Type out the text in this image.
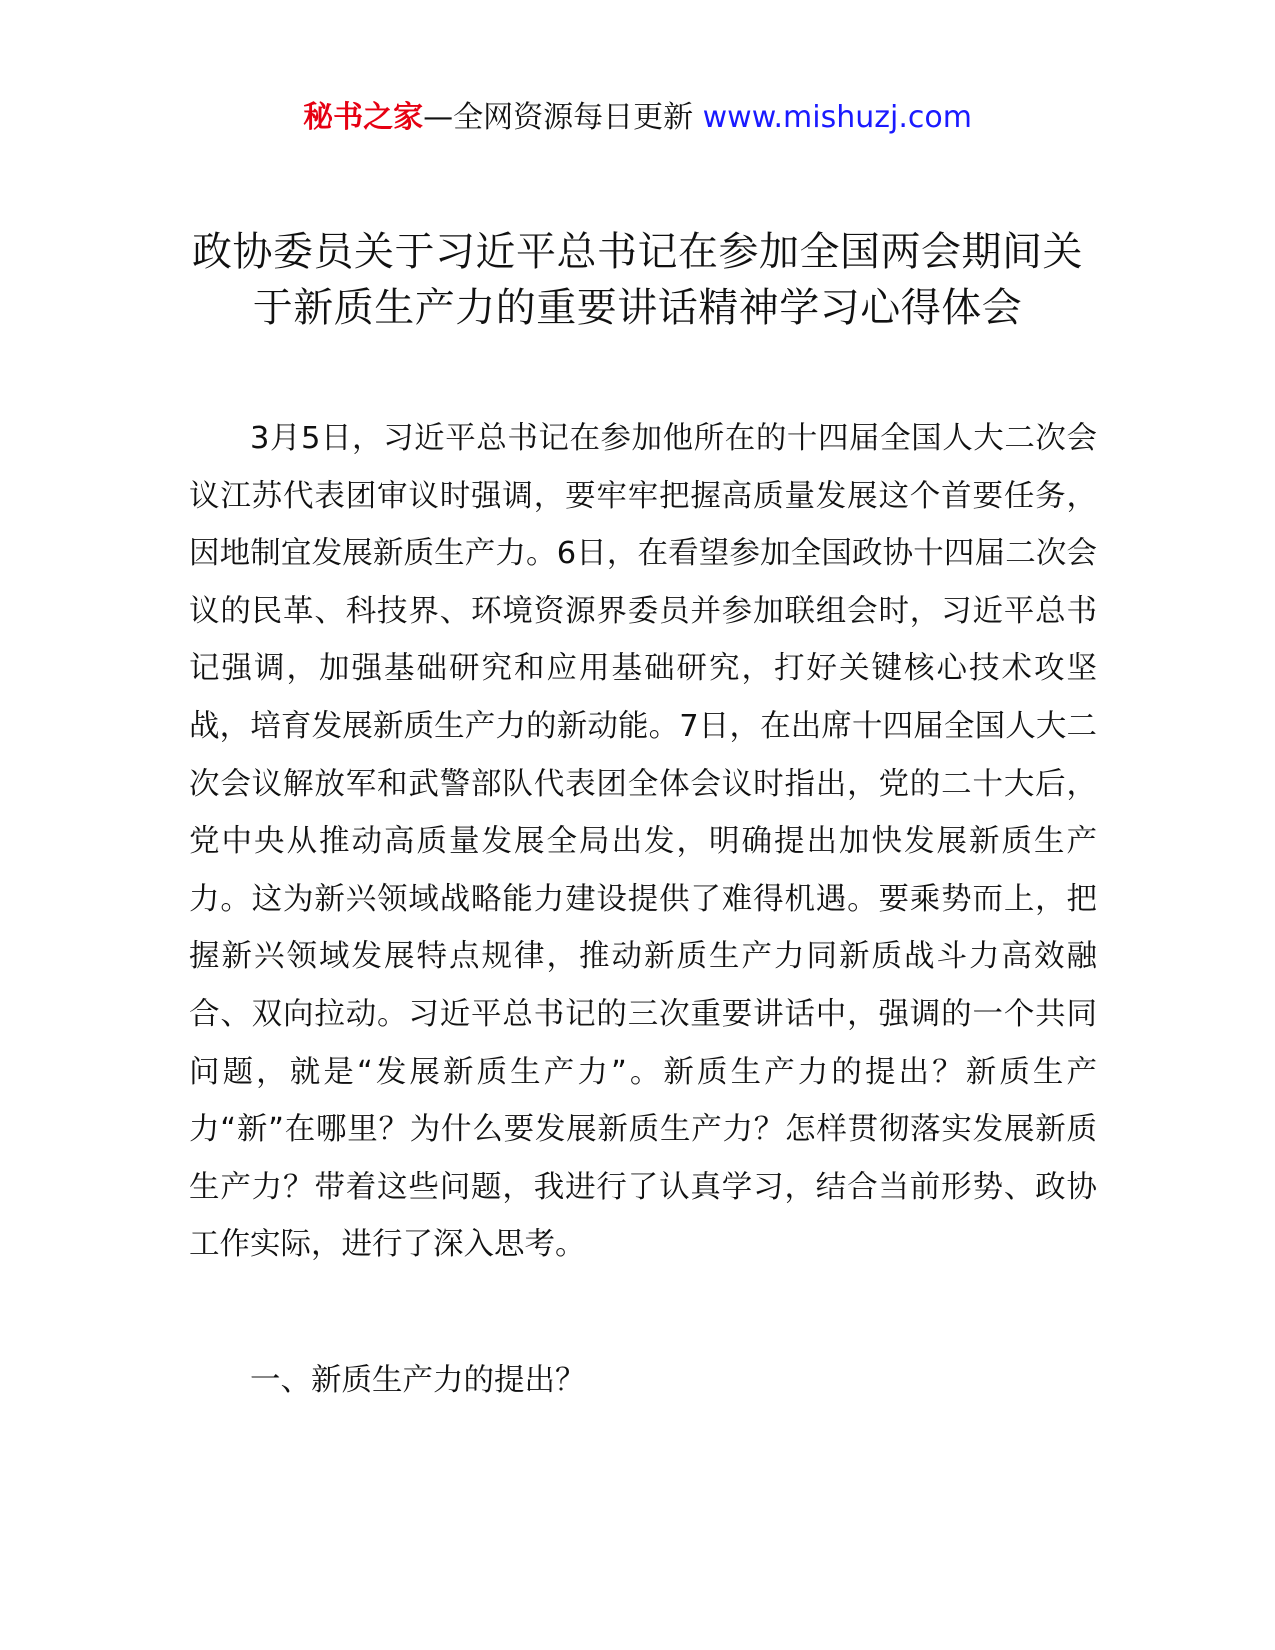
秘书之家—全网资源每日更新 www.mishuzj.com
政协委员关于习近平总书记在参加全国两会期间关于新质生产力的重要讲话精神学习心得体会

3月5日，习近平总书记在参加他所在的十四届全国人大二次会议江苏代表团审议时强调，要牢牢把握高质量发展这个首要任务，因地制宜发展新质生产力。6日，在看望参加全国政协十四届二次会议的民革、科技界、环境资源界委员并参加联组会时，习近平总书记强调，加强基础研究和应用基础研究，打好关键核心技术攻坚战，培育发展新质生产力的新动能。7日，在出席十四届全国人大二次会议解放军和武警部队代表团全体会议时指出，党的二十大后，党中央从推动高质量发展全局出发，明确提出加快发展新质生产力。这为新兴领域战略能力建设提供了难得机遇。要乘势而上，把握新兴领域发展特点规律，推动新质生产力同新质战斗力高效融合、双向拉动。习近平总书记的三次重要讲话中，强调的一个共同问题，就是“发展新质生产力”。新质生产力的提出？新质生产力“新”在哪里？为什么要发展新质生产力？怎样贯彻落实发展新质生产力？带着这些问题，我进行了认真学习，结合当前形势、政协工作实际，进行了深入思考。

一、新质生产力的提出？
